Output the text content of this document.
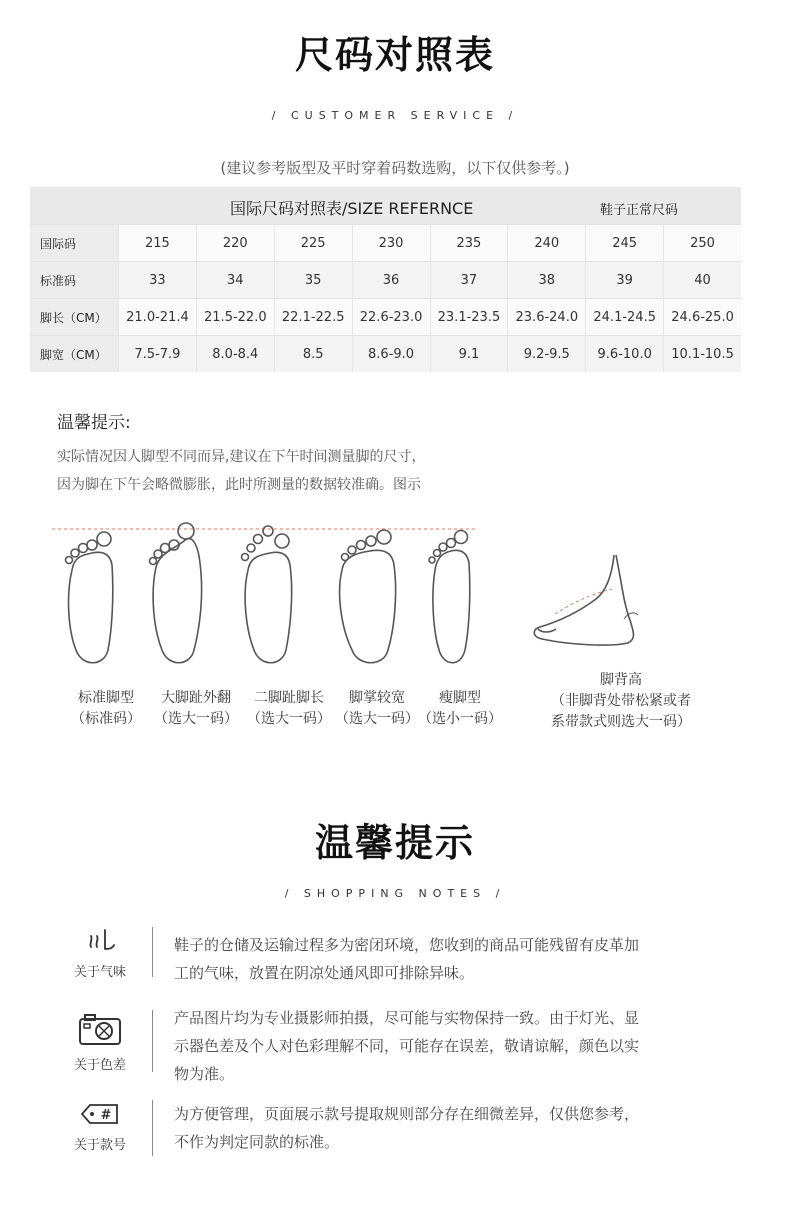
尺码对照表
/ CUSTOMER SERVICE /
(建议参考版型及平时穿着码数选购，以下仅供参考。)
国际尺码对照表/SIZE REFERNCE	鞋子正常尺码
国际码	215	220	225	230	235	240	245	250
标准码	33	34	35	36	37	38	39	40
脚长（CM）	21.0-21.4	21.5-22.0	22.1-22.5	22.6-23.0	23.1-23.5	23.6-24.0	24.1-24.5	24.6-25.0
脚宽（CM）	7.5-7.9	8.0-8.4	8.5	8.6-9.0	9.1	9.2-9.5	9.6-10.0	10.1-10.5
温馨提示:
实际情况因人脚型不同而异,建议在下午时间测量脚的尺寸，
因为脚在下午会略微膨胀，此时所测量的数据较准确。图示
标准脚型
（标准码）
大脚趾外翻
（选大一码）
二脚趾脚长
（选大一码）
脚掌较宽
（选大一码）
瘦脚型
（选小一码）
脚背高
（非脚背处带松紧或者
系带款式则选大一码）
温馨提示
/ SHOPPING NOTES /
关于气味
鞋子的仓储及运输过程多为密闭环境，您收到的商品可能残留有皮革加
工的气味，放置在阴凉处通风即可排除异味。
关于色差
产品图片均为专业摄影师拍摄，尽可能与实物保持一致。由于灯光、显
示器色差及个人对色彩理解不同，可能存在误差，敬请谅解，颜色以实
物为准。
#
关于款号
为方便管理，页面展示款号提取规则部分存在细微差异，仅供您参考，
不作为判定同款的标准。
